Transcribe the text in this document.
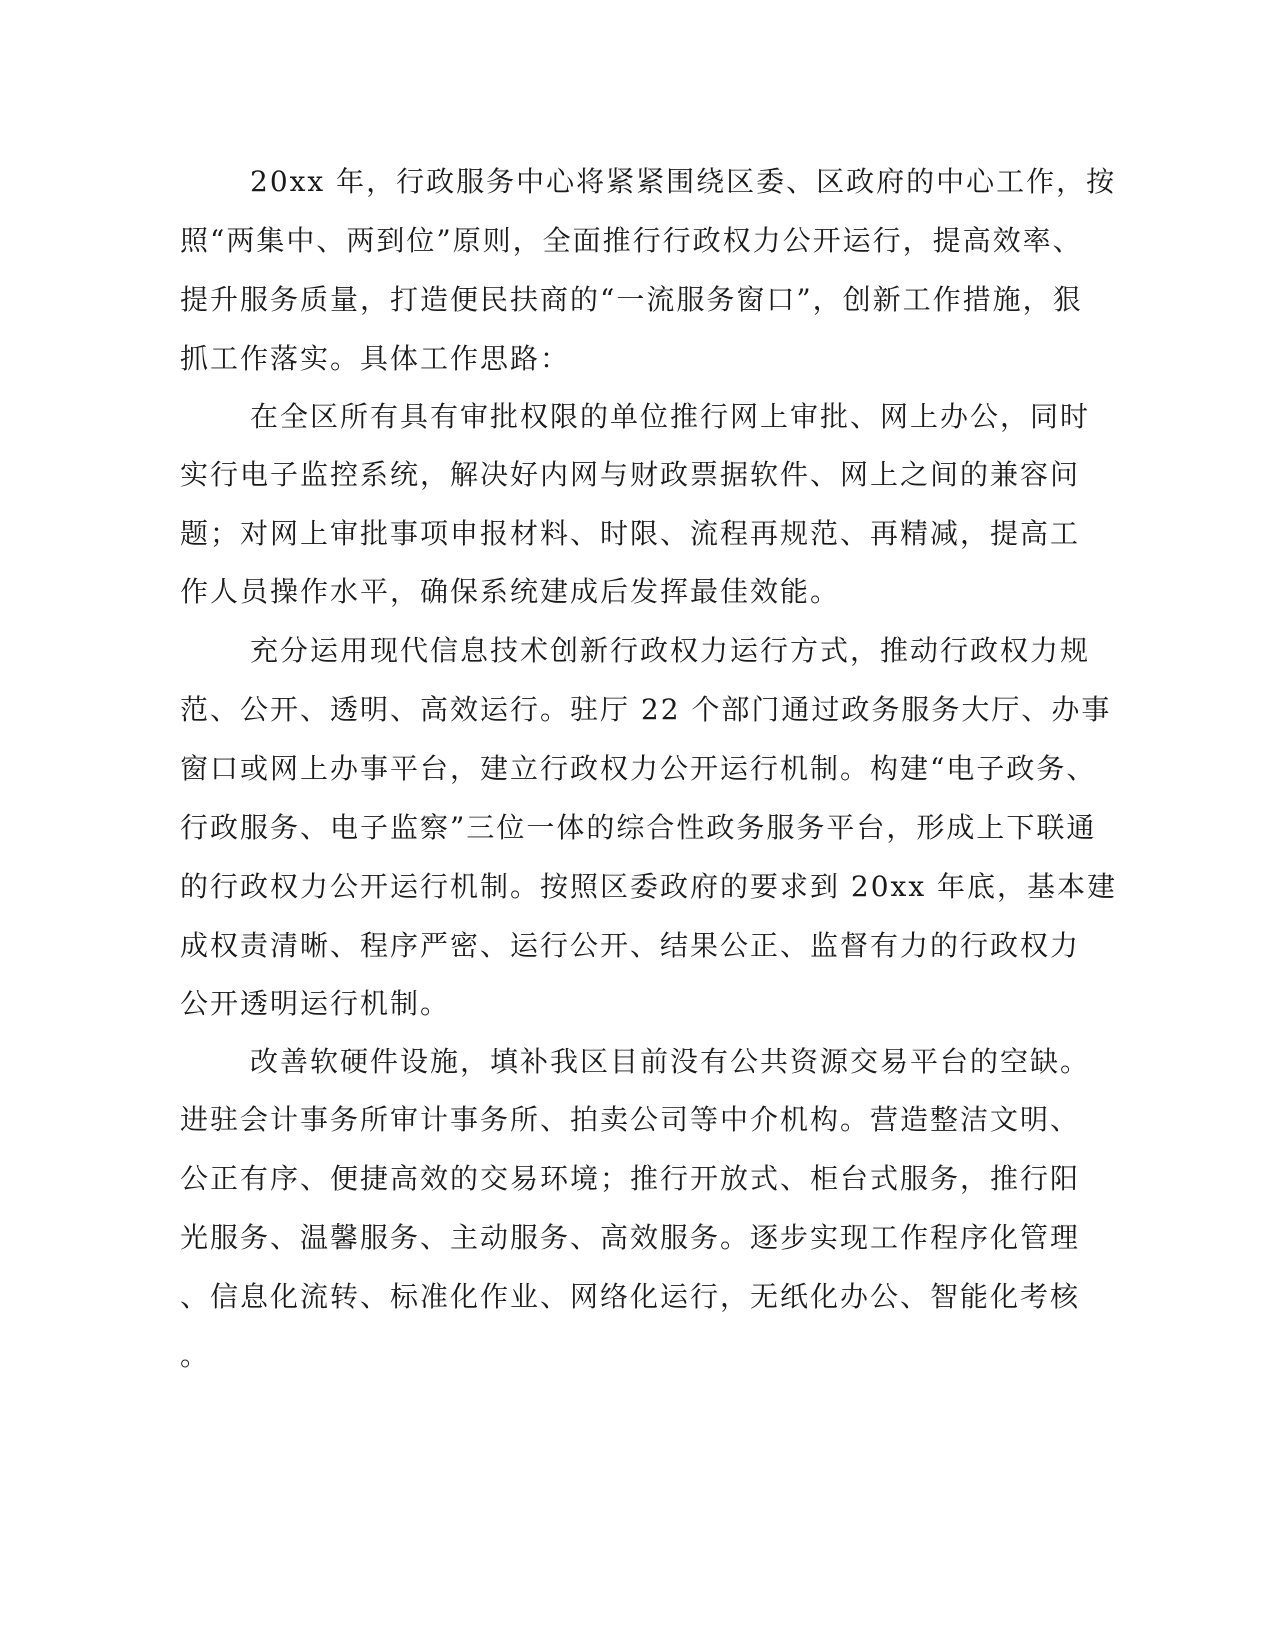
20xx 年，行政服务中心将紧紧围绕区委、区政府的中心工作，按
照“两集中、两到位”原则，全面推行行政权力公开运行，提高效率、
提升服务质量，打造便民扶商的“一流服务窗口”，创新工作措施，狠
抓工作落实。具体工作思路：
在全区所有具有审批权限的单位推行网上审批、网上办公，同时
实行电子监控系统，解决好内网与财政票据软件、网上之间的兼容问
题；对网上审批事项申报材料、时限、流程再规范、再精减，提高工
作人员操作水平，确保系统建成后发挥最佳效能。
充分运用现代信息技术创新行政权力运行方式，推动行政权力规
范、公开、透明、高效运行。驻厅 22 个部门通过政务服务大厅、办事
窗口或网上办事平台，建立行政权力公开运行机制。构建“电子政务、
行政服务、电子监察”三位一体的综合性政务服务平台，形成上下联通
的行政权力公开运行机制。按照区委政府的要求到 20xx 年底，基本建
成权责清晰、程序严密、运行公开、结果公正、监督有力的行政权力
公开透明运行机制。
改善软硬件设施，填补我区目前没有公共资源交易平台的空缺。
进驻会计事务所审计事务所、拍卖公司等中介机构。营造整洁文明、
公正有序、便捷高效的交易环境；推行开放式、柜台式服务，推行阳
光服务、温馨服务、主动服务、高效服务。逐步实现工作程序化管理
、信息化流转、标准化作业、网络化运行，无纸化办公、智能化考核
。
